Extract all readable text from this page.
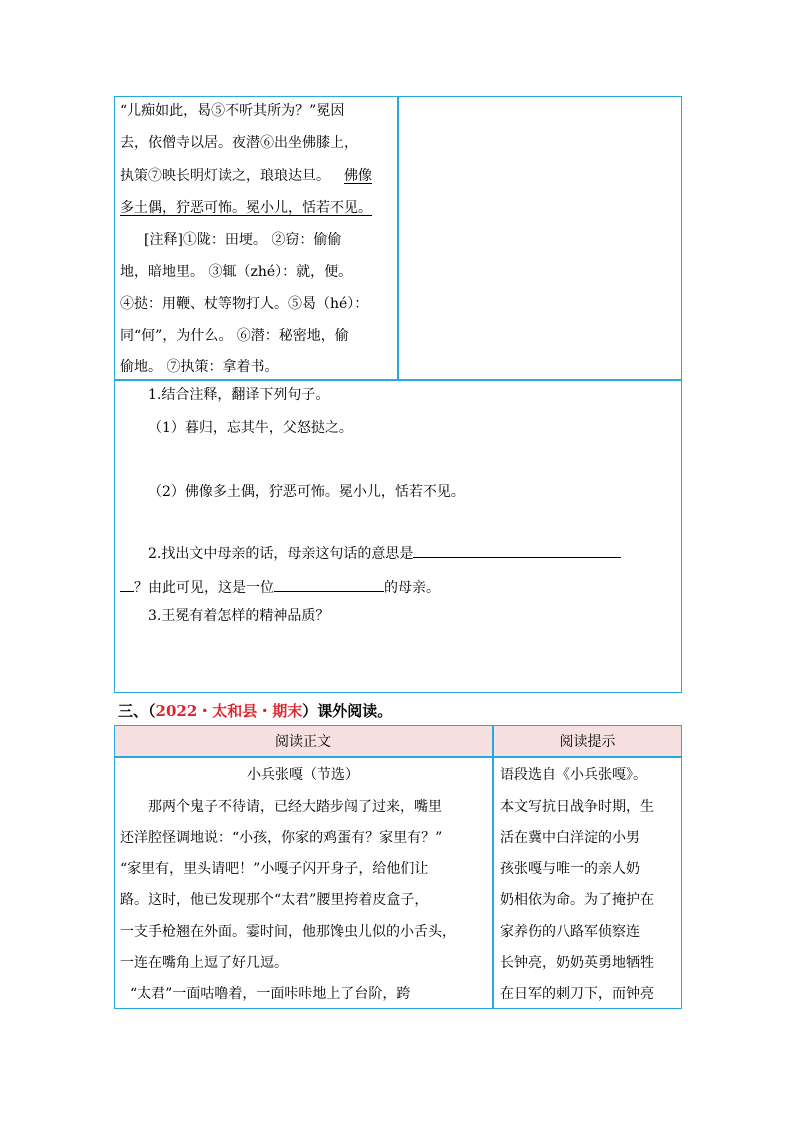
“儿痴如此，曷⑤不听其所为？”冕因
去，依僧寺以居。夜潜⑥出坐佛膝上，
执策⑦映长明灯读之，琅琅达旦。 佛像
多土偶，狞恶可怖。冕小儿，恬若不见。
[注释]①陇：田埂。 ②窃：偷偷
地，暗地里。 ③辄（zhé）：就，便。
④挞：用鞭、杖等物打人。⑤曷（hé）：
同“何”，为什么。 ⑥潜：秘密地，偷
偷地。 ⑦执策：拿着书。
1.结合注释，翻译下列句子。
（1）暮归，忘其牛，父怒挞之。
（2）佛像多土偶，狞恶可怖。冕小儿，恬若不见。
2.找出文中母亲的话，母亲这句话的意思是
？由此可见，这是一位	的母亲。
3.王冕有着怎样的精神品质？
三、（2022・太和县・期末）课外阅读。
阅读正文	阅读提示
小兵张嘎（节选）
那两个鬼子不待请，已经大踏步闯了过来，嘴里
还洋腔怪调地说：“小孩，你家的鸡蛋有？家里有？”
“家里有，里头请吧！”小嘎子闪开身子，给他们让
路。这时，他已发现那个“太君”腰里挎着皮盒子，
一支手枪翘在外面。霎时间，他那馋虫儿似的小舌头，
一连在嘴角上逗了好几逗。
“太君”一面咕噜着，一面咔咔地上了台阶，跨
语段选自《小兵张嘎》。
本文写抗日战争时期，生
活在冀中白洋淀的小男
孩张嘎与唯一的亲人奶
奶相依为命。为了掩护在
家养伤的八路军侦察连
长钟亮，奶奶英勇地牺牲
在日军的刺刀下，而钟亮
